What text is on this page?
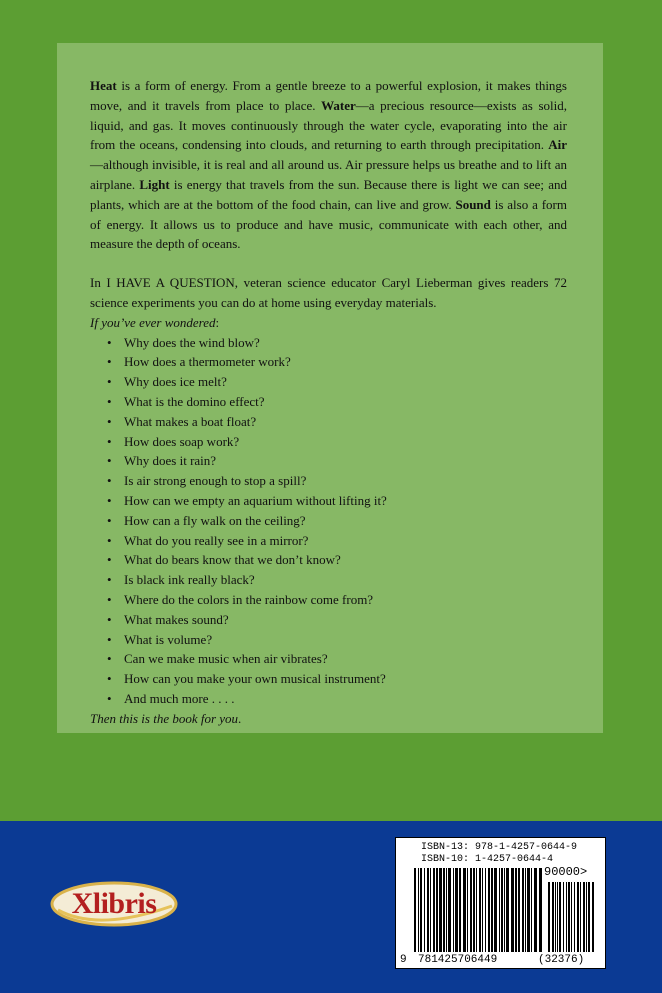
Heat is a form of energy. From a gentle breeze to a powerful explosion, it makes things move, and it travels from place to place. Water—a precious resource—exists as solid, liquid, and gas. It moves continuously through the water cycle, evaporating into the air from the oceans, condensing into clouds, and returning to earth through precipitation. Air—although invisible, it is real and all around us. Air pressure helps us breathe and to lift an airplane. Light is energy that travels from the sun. Because there is light we can see; and plants, which are at the bottom of the food chain, can live and grow. Sound is also a form of energy. It allows us to produce and have music, communicate with each other, and measure the depth of oceans.

In I HAVE A QUESTION, veteran science educator Caryl Lieberman gives readers 72 science experiments you can do at home using everyday materials.

If you’ve ever wondered:
• Why does the wind blow?
• How does a thermometer work?
• Why does ice melt?
• What is the domino effect?
• What makes a boat float?
• How does soap work?
• Why does it rain?
• Is air strong enough to stop a spill?
• How can we empty an aquarium without lifting it?
• How can a fly walk on the ceiling?
• What do you really see in a mirror?
• What do bears know that we don’t know?
• Is black ink really black?
• Where do the colors in the rainbow come from?
• What makes sound?
• What is volume?
• Can we make music when air vibrates?
• How can you make your own musical instrument?
• And much more . . . .
Then this is the book for you.
Xlibris
ISBN-13: 978-1-4257-0644-9
ISBN-10: 1-4257-0644-4
90000>
9 781425706449	(32376)
